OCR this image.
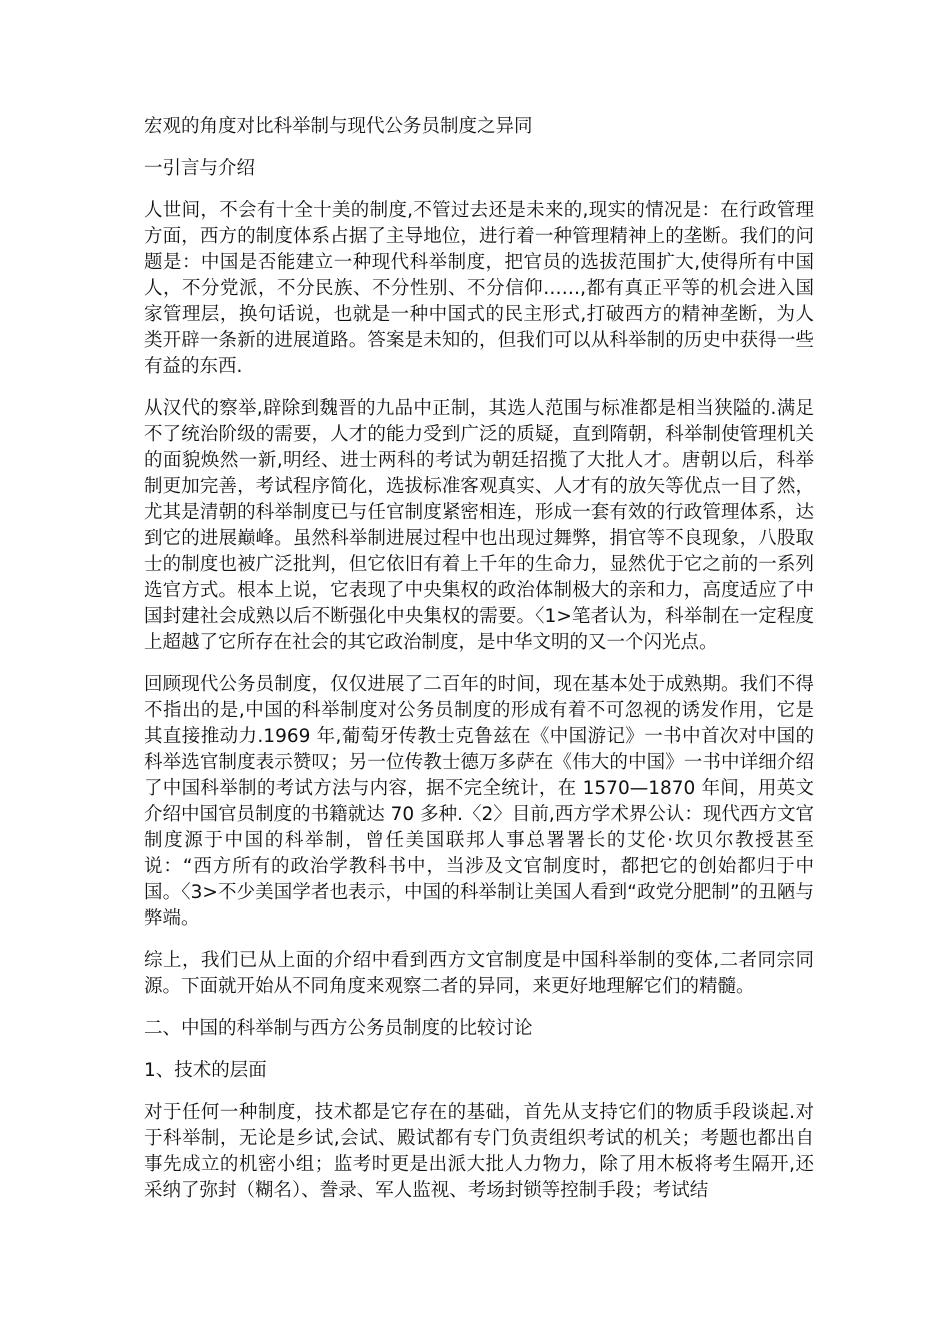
宏观的角度对比科举制与现代公务员制度之异同

一引言与介绍

人世间，不会有十全十美的制度,不管过去还是未来的,现实的情况是：在行政管理方面，西方的制度体系占据了主导地位，进行着一种管理精神上的垄断。我们的问题是：中国是否能建立一种现代科举制度，把官员的选拔范围扩大,使得所有中国人，不分党派，不分民族、不分性别、不分信仰……,都有真正平等的机会进入国家管理层，换句话说，也就是一种中国式的民主形式,打破西方的精神垄断，为人类开辟一条新的进展道路。答案是未知的，但我们可以从科举制的历史中获得一些有益的东西.

从汉代的察举,辟除到魏晋的九品中正制，其选人范围与标准都是相当狭隘的.满足不了统治阶级的需要，人才的能力受到广泛的质疑，直到隋朝，科举制使管理机关的面貌焕然一新,明经、进士两科的考试为朝廷招揽了大批人才。唐朝以后，科举制更加完善，考试程序简化，选拔标准客观真实、人才有的放矢等优点一目了然，尤其是清朝的科举制度已与任官制度紧密相连，形成一套有效的行政管理体系，达到它的进展巅峰。虽然科举制进展过程中也出现过舞弊，捐官等不良现象，八股取士的制度也被广泛批判，但它依旧有着上千年的生命力，显然优于它之前的一系列选官方式。根本上说，它表现了中央集权的政治体制极大的亲和力，高度适应了中国封建社会成熟以后不断强化中央集权的需要。〈1>笔者认为，科举制在一定程度上超越了它所存在社会的其它政治制度，是中华文明的又一个闪光点。

回顾现代公务员制度，仅仅进展了二百年的时间，现在基本处于成熟期。我们不得不指出的是,中国的科举制度对公务员制度的形成有着不可忽视的诱发作用，它是其直接推动力.1969 年,葡萄牙传教士克鲁兹在《中国游记》一书中首次对中国的科举选官制度表示赞叹；另一位传教士德万多萨在《伟大的中国》一书中详细介绍了中国科举制的考试方法与内容，据不完全统计，在 1570—1870 年间，用英文介绍中国官员制度的书籍就达 70 多种.〈2〉目前,西方学术界公认：现代西方文官制度源于中国的科举制，曾任美国联邦人事总署署长的艾伦·坎贝尔教授甚至说：“西方所有的政治学教科书中，当涉及文官制度时，都把它的创始都归于中国。〈3>不少美国学者也表示，中国的科举制让美国人看到“政党分肥制”的丑陋与弊端。

综上，我们已从上面的介绍中看到西方文官制度是中国科举制的变体,二者同宗同源。下面就开始从不同角度来观察二者的异同，来更好地理解它们的精髓。

二、中国的科举制与西方公务员制度的比较讨论

1、技术的层面

对于任何一种制度，技术都是它存在的基础，首先从支持它们的物质手段谈起.对于科举制，无论是乡试,会试、殿试都有专门负责组织考试的机关；考题也都出自事先成立的机密小组；监考时更是出派大批人力物力，除了用木板将考生隔开,还采纳了弥封（糊名）、誊录、军人监视、考场封锁等控制手段；考试结
